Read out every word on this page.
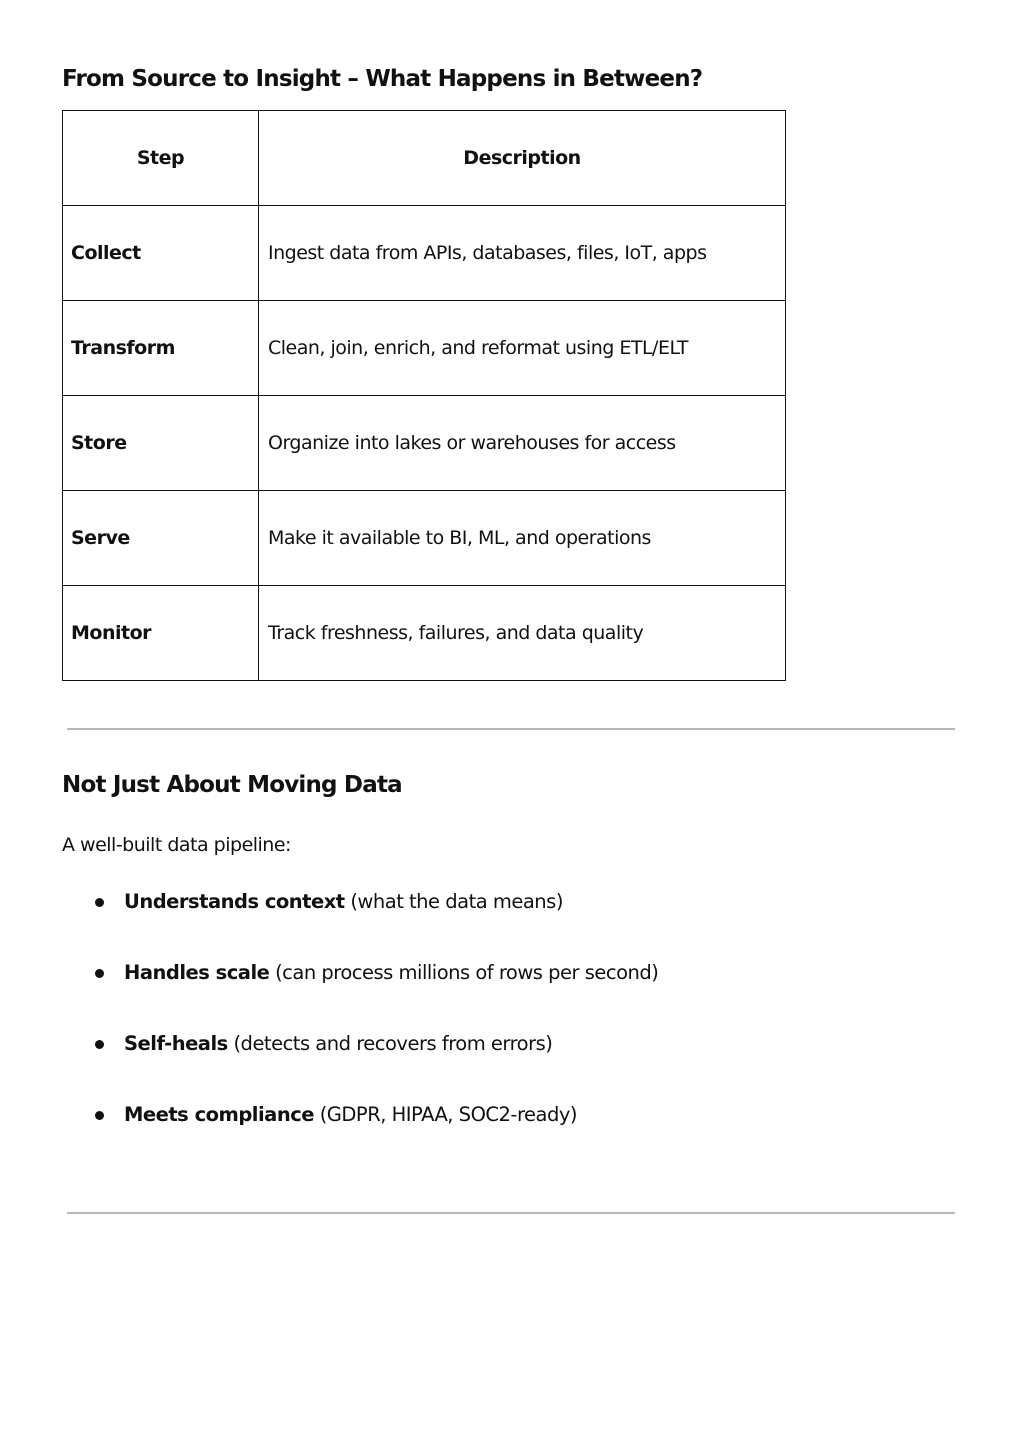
From Source to Insight – What Happens in Between?
Step	Description
Collect	Ingest data from APIs, databases, files, IoT, apps
Transform	Clean, join, enrich, and reformat using ETL/ELT
Store	Organize into lakes or warehouses for access
Serve	Make it available to BI, ML, and operations
Monitor	Track freshness, failures, and data quality
Not Just About Moving Data

A well-built data pipeline:

Understands context (what the data means)
Handles scale (can process millions of rows per second)
Self-heals (detects and recovers from errors)
Meets compliance (GDPR, HIPAA, SOC2-ready)
